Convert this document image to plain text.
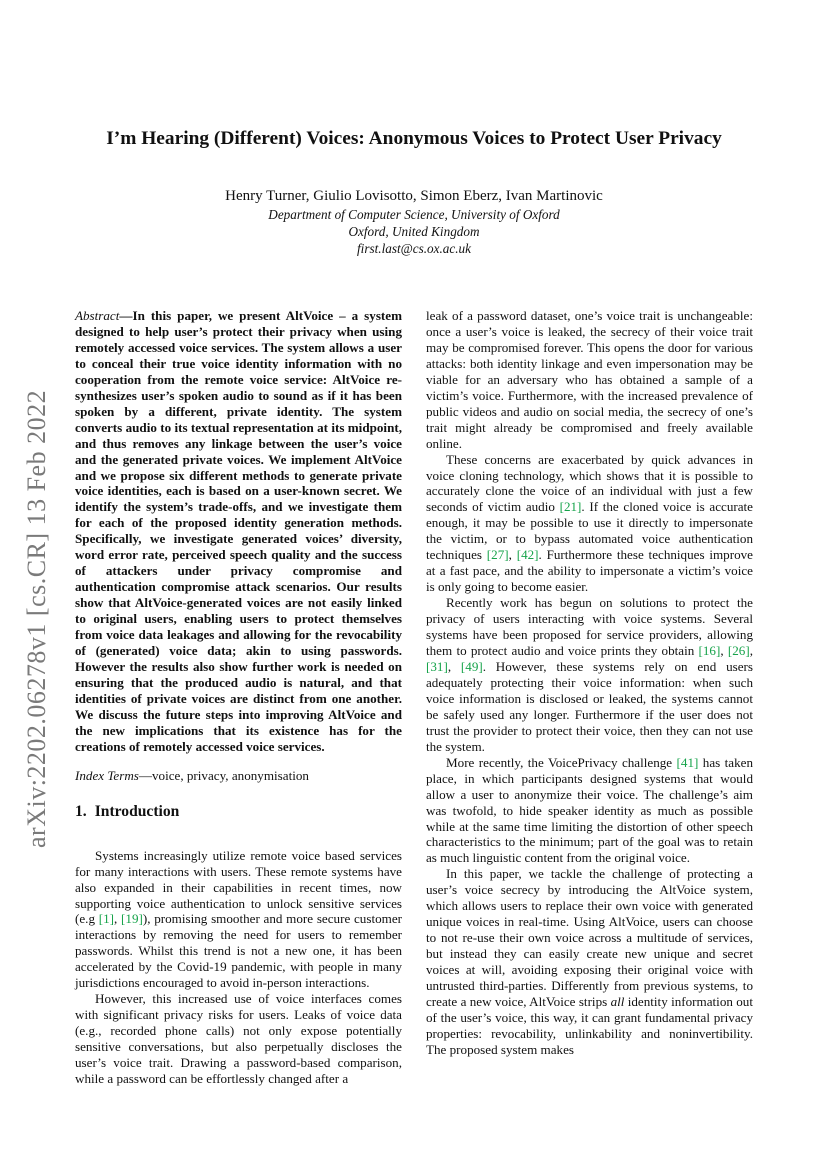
arXiv:2202.06278v1 [cs.CR] 13 Feb 2022
I’m Hearing (Different) Voices: Anonymous Voices to Protect User Privacy
Henry Turner, Giulio Lovisotto, Simon Eberz, Ivan Martinovic
Department of Computer Science, University of Oxford
Oxford, United Kingdom
first.last@cs.ox.ac.uk
Abstract—In this paper, we present AltVoice – a system designed to help user’s protect their privacy when using remotely accessed voice services. The system allows a user to conceal their true voice identity information with no cooperation from the remote voice service: AltVoice re-synthesizes user’s spoken audio to sound as if it has been spoken by a different, private identity. The system converts audio to its textual representation at its midpoint, and thus removes any linkage between the user’s voice and the generated private voices. We implement AltVoice and we propose six different methods to generate private voice identities, each is based on a user-known secret. We identify the system’s trade-offs, and we investigate them for each of the proposed identity generation methods. Specifically, we investigate generated voices’ diversity, word error rate, perceived speech quality and the success of attackers under privacy compromise and authentication compromise attack scenarios. Our results show that AltVoice-generated voices are not easily linked to original users, enabling users to protect themselves from voice data leakages and allowing for the revocability of (generated) voice data; akin to using passwords. However the results also show further work is needed on ensuring that the produced audio is natural, and that identities of private voices are distinct from one another. We discuss the future steps into improving AltVoice and the new implications that its existence has for the creations of remotely accessed voice services.
Index Terms—voice, privacy, anonymisation
1. Introduction

Systems increasingly utilize remote voice based services for many interactions with users. These remote systems have also expanded in their capabilities in recent times, now supporting voice authentication to unlock sensitive services (e.g [1], [19]), promising smoother and more secure customer interactions by removing the need for users to remember passwords. Whilst this trend is not a new one, it has been accelerated by the Covid-19 pandemic, with people in many jurisdictions encouraged to avoid in-person interactions.

However, this increased use of voice interfaces comes with significant privacy risks for users. Leaks of voice data (e.g., recorded phone calls) not only expose potentially sensitive conversations, but also perpetually discloses the user’s voice trait. Drawing a password-based comparison, while a password can be effortlessly changed after a

leak of a password dataset, one’s voice trait is unchangeable: once a user’s voice is leaked, the secrecy of their voice trait may be compromised forever. This opens the door for various attacks: both identity linkage and even impersonation may be viable for an adversary who has obtained a sample of a victim’s voice. Furthermore, with the increased prevalence of public videos and audio on social media, the secrecy of one’s trait might already be compromised and freely available online.

These concerns are exacerbated by quick advances in voice cloning technology, which shows that it is possible to accurately clone the voice of an individual with just a few seconds of victim audio [21]. If the cloned voice is accurate enough, it may be possible to use it directly to impersonate the victim, or to bypass automated voice authentication techniques [27], [42]. Furthermore these techniques improve at a fast pace, and the ability to impersonate a victim’s voice is only going to become easier.

Recently work has begun on solutions to protect the privacy of users interacting with voice systems. Several systems have been proposed for service providers, allowing them to protect audio and voice prints they obtain [16], [26], [31], [49]. However, these systems rely on end users adequately protecting their voice information: when such voice information is disclosed or leaked, the systems cannot be safely used any longer. Furthermore if the user does not trust the provider to protect their voice, then they can not use the system.

More recently, the VoicePrivacy challenge [41] has taken place, in which participants designed systems that would allow a user to anonymize their voice. The challenge’s aim was twofold, to hide speaker identity as much as possible while at the same time limiting the distortion of other speech characteristics to the minimum; part of the goal was to retain as much linguistic content from the original voice.

In this paper, we tackle the challenge of protecting a user’s voice secrecy by introducing the AltVoice system, which allows users to replace their own voice with generated unique voices in real-time. Using AltVoice, users can choose to not re-use their own voice across a multitude of services, but instead they can easily create new unique and secret voices at will, avoiding exposing their original voice with untrusted third-parties. Differently from previous systems, to create a new voice, AltVoice strips all identity information out of the user’s voice, this way, it can grant fundamental privacy properties: revocability, unlinkability and noninvertibility. The proposed system makes
